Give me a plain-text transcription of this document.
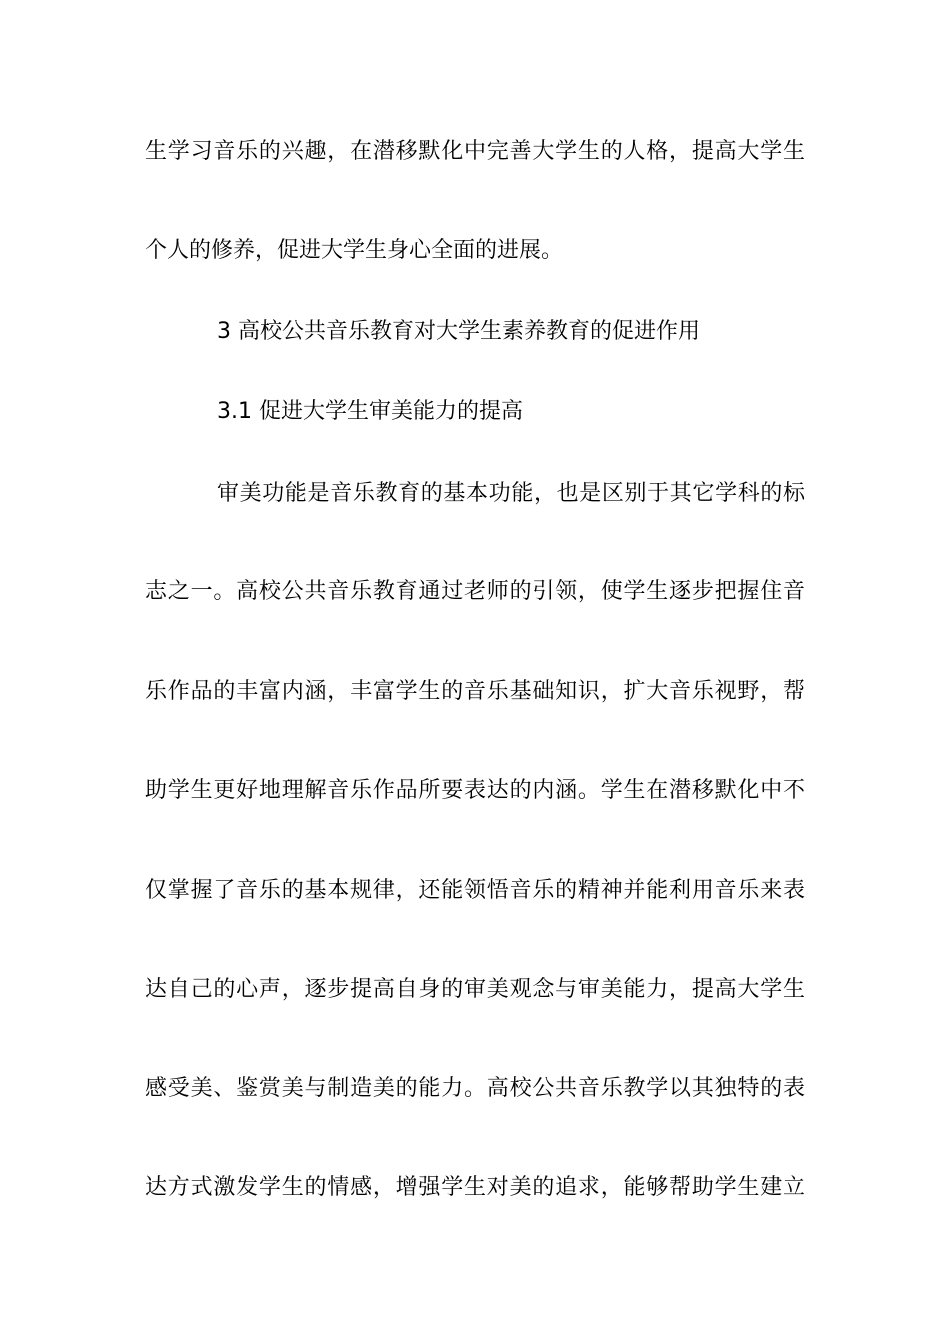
生学习音乐的兴趣，在潜移默化中完善大学生的人格，提高大学生
个人的修养，促进大学生身心全面的进展。
3 高校公共音乐教育对大学生素养教育的促进作用
3.1 促进大学生审美能力的提高
审美功能是音乐教育的基本功能，也是区别于其它学科的标
志之一。高校公共音乐教育通过老师的引领，使学生逐步把握住音
乐作品的丰富内涵，丰富学生的音乐基础知识，扩大音乐视野，帮
助学生更好地理解音乐作品所要表达的内涵。学生在潜移默化中不
仅掌握了音乐的基本规律，还能领悟音乐的精神并能利用音乐来表
达自己的心声，逐步提高自身的审美观念与审美能力，提高大学生
感受美、鉴赏美与制造美的能力。高校公共音乐教学以其独特的表
达方式激发学生的情感，增强学生对美的追求，能够帮助学生建立
